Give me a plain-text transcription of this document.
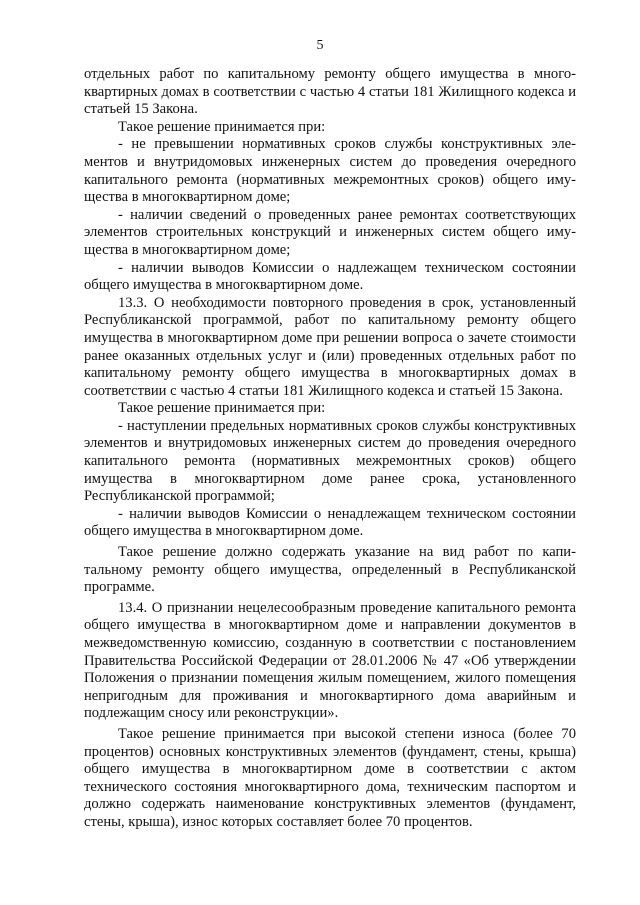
5

отдельных работ по капитальному ремонту общего имущества в многоквартирных домах в соответствии с частью 4 статьи 181 Жилищного кодекса и статьей 15 Закона.

Такое решение принимается при:

- не превышении нормативных сроков службы конструктивных элементов и внутридомовых инженерных систем до проведения очередного капитального ремонта (нормативных межремонтных сроков) общего имущества в многоквартирном доме;

- наличии сведений о проведенных ранее ремонтах соответствующих элементов строительных конструкций и инженерных систем общего имущества в многоквартирном доме;

- наличии выводов Комиссии о надлежащем техническом состоянии общего имущества в многоквартирном доме.

13.3. О необходимости повторного проведения в срок, установленный Республиканской программой, работ по капитальному ремонту общего имущества в многоквартирном доме при решении вопроса о зачете стоимости ранее оказанных отдельных услуг и (или) проведенных отдельных работ по капитальному ремонту общего имущества в многоквартирных домах в соответствии с частью 4 статьи 181 Жилищного кодекса и статьей 15 Закона.

Такое решение принимается при:

- наступлении предельных нормативных сроков службы конструктивных элементов и внутридомовых инженерных систем до проведения очередного капитального ремонта (нормативных межремонтных сроков) общего имущества в многоквартирном доме ранее срока, установленного Республиканской программой;

- наличии выводов Комиссии о ненадлежащем техническом состоянии общего имущества в многоквартирном доме.

Такое решение должно содержать указание на вид работ по капитальному ремонту общего имущества, определенный в Республиканской программе.

13.4. О признании нецелесообразным проведение капитального ремонта общего имущества в многоквартирном доме и направлении документов в межведомственную комиссию, созданную в соответствии с постановлением Правительства Российской Федерации от 28.01.2006 № 47 «Об утверждении Положения о признании помещения жилым помещением, жилого помещения непригодным для проживания и многоквартирного дома аварийным и подлежащим сносу или реконструкции».

Такое решение принимается при высокой степени износа (более 70 процентов) основных конструктивных элементов (фундамент, стены, крыша) общего имущества в многоквартирном доме в соответствии с актом технического состояния многоквартирного дома, техническим паспортом и должно содержать наименование конструктивных элементов (фундамент, стены, крыша), износ которых составляет более 70 процентов.
